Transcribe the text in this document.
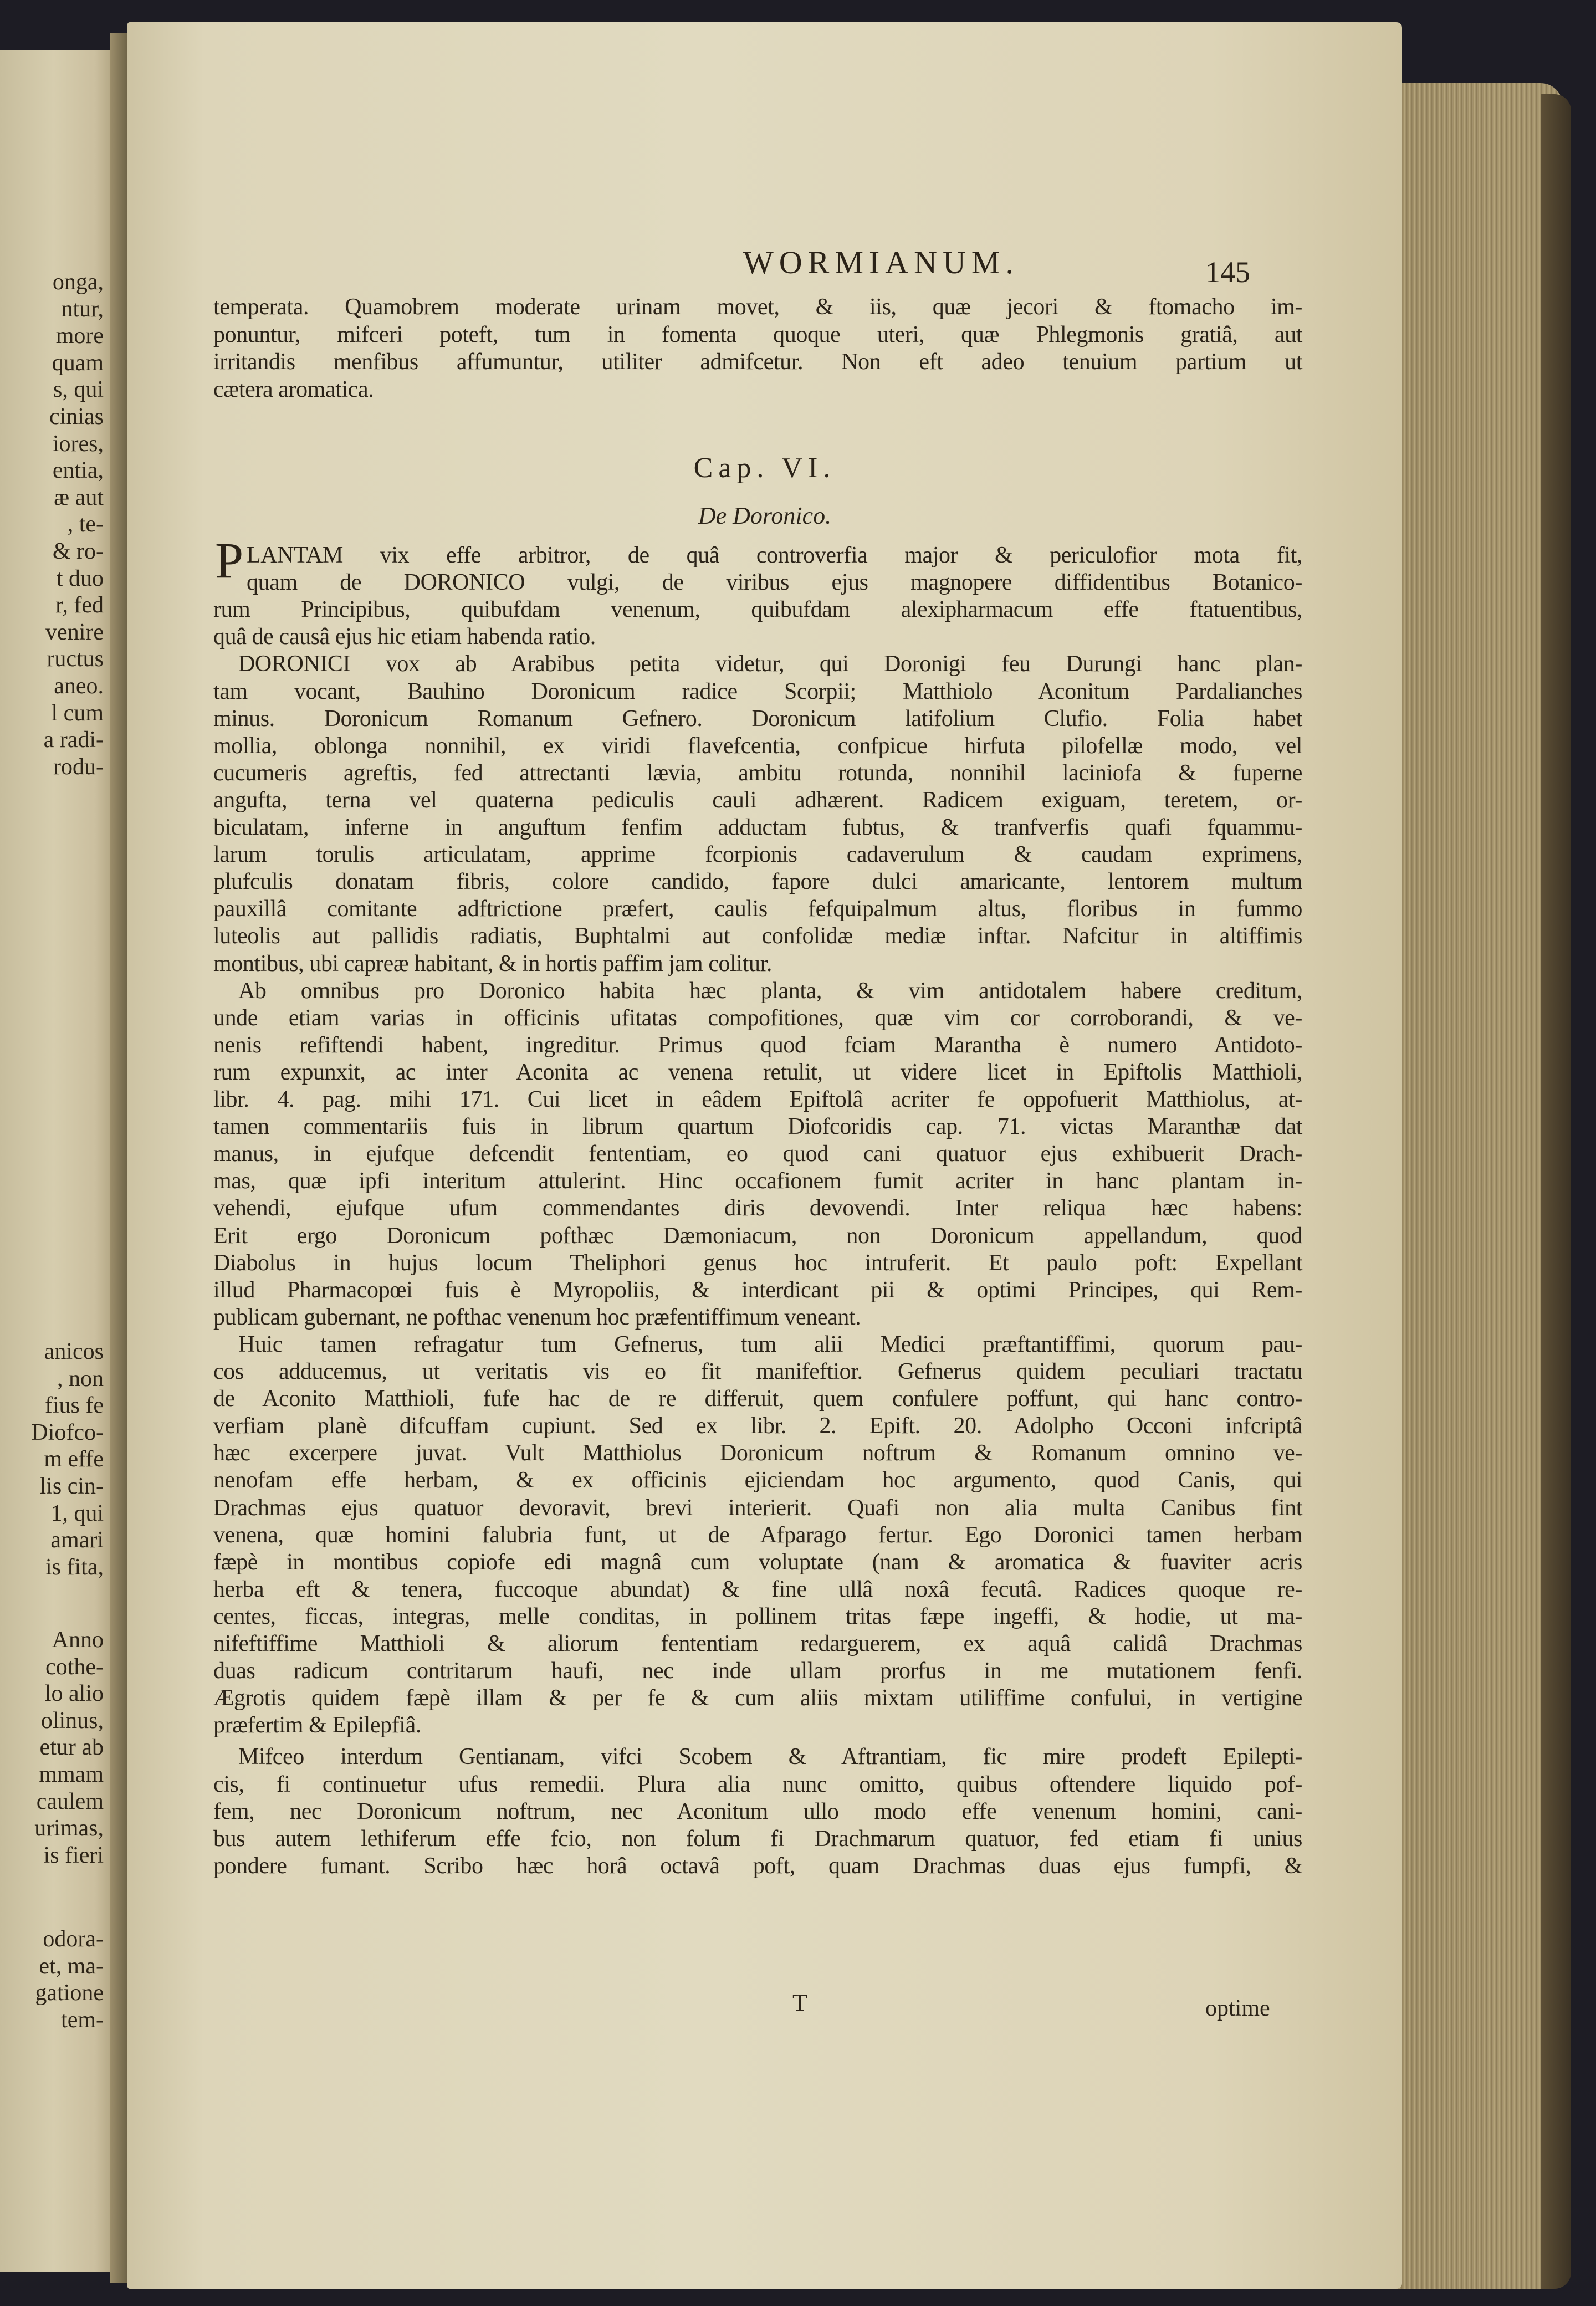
onga,
ntur,
more
quam
s, qui
cinias
iores,
entia,
æ aut
, te-
& ro-
t duo
r, fed
venire
ructus
aneo.
l cum
a radi-
rodu-
anicos
, non
fius fe
Diofco-
m effe
lis cin-
1, qui
amari
is fita,
Anno
cothe-
lo alio
olinus,
etur ab
mmam
caulem
urimas,
is fieri
odora-
et, ma-
gatione
tem-
WORMIANUM.	145
temperata. Quamobrem moderate urinam movet, & iis, quæ jecori & ftomacho im-
ponuntur, mifceri poteft, tum in fomenta quoque uteri, quæ Phlegmonis gratiâ, aut
irritandis menfibus affumuntur, utiliter admifcetur. Non eft adeo tenuium partium ut
cætera aromatica.
Cap. VI.
De Doronico.
P LANTAM vix effe arbitror, de quâ controverfia major & periculofior mota fit,
quam de DORONICO vulgi, de viribus ejus magnopere diffidentibus Botanico-
rum Principibus, quibufdam venenum, quibufdam alexipharmacum effe ftatuentibus,
quâ de causâ ejus hic etiam habenda ratio.
DORONICI vox ab Arabibus petita videtur, qui Doronigi feu Durungi hanc plan-
tam vocant, Bauhino Doronicum radice Scorpii; Matthiolo Aconitum Pardalianches
minus. Doronicum Romanum Gefnero. Doronicum latifolium Clufio. Folia habet
mollia, oblonga nonnihil, ex viridi flavefcentia, confpicue hirfuta pilofellæ modo, vel
cucumeris agreftis, fed attrectanti lævia, ambitu rotunda, nonnihil laciniofa & fuperne
angufta, terna vel quaterna pediculis cauli adhærent. Radicem exiguam, teretem, or-
biculatam, inferne in anguftum fenfim adductam fubtus, & tranfverfis quafi fquammu-
larum torulis articulatam, apprime fcorpionis cadaverulum & caudam exprimens,
plufculis donatam fibris, colore candido, fapore dulci amaricante, lentorem multum
pauxillâ comitante adftrictione præfert, caulis fefquipalmum altus, floribus in fummo
luteolis aut pallidis radiatis, Buphtalmi aut confolidæ mediæ inftar. Nafcitur in altiffimis
montibus, ubi capreæ habitant, & in hortis paffim jam colitur.
Ab omnibus pro Doronico habita hæc planta, & vim antidotalem habere creditum,
unde etiam varias in officinis ufitatas compofitiones, quæ vim cor corroborandi, & ve-
nenis refiftendi habent, ingreditur. Primus quod fciam Marantha è numero Antidoto-
rum expunxit, ac inter Aconita ac venena retulit, ut videre licet in Epiftolis Matthioli,
libr. 4. pag. mihi 171. Cui licet in eâdem Epiftolâ acriter fe oppofuerit Matthiolus, at-
tamen commentariis fuis in librum quartum Diofcoridis cap. 71. victas Maranthæ dat
manus, in ejufque defcendit fententiam, eo quod cani quatuor ejus exhibuerit Drach-
mas, quæ ipfi interitum attulerint. Hinc occafionem fumit acriter in hanc plantam in-
vehendi, ejufque ufum commendantes diris devovendi. Inter reliqua hæc habens:
Erit ergo Doronicum pofthæc Dæmoniacum, non Doronicum appellandum, quod
Diabolus in hujus locum Theliphori genus hoc intruferit. Et paulo poft: Expellant
illud Pharmacopœi fuis è Myropoliis, & interdicant pii & optimi Principes, qui Rem-
publicam gubernant, ne pofthac venenum hoc præfentiffimum veneant.
Huic tamen refragatur tum Gefnerus, tum alii Medici præftantiffimi, quorum pau-
cos adducemus, ut veritatis vis eo fit manifeftior. Gefnerus quidem peculiari tractatu
de Aconito Matthioli, fufe hac de re differuit, quem confulere poffunt, qui hanc contro-
verfiam planè difcuffam cupiunt. Sed ex libr. 2. Epift. 20. Adolpho Occoni infcriptâ
hæc excerpere juvat. Vult Matthiolus Doronicum noftrum & Romanum omnino ve-
nenofam effe herbam, & ex officinis ejiciendam hoc argumento, quod Canis, qui
Drachmas ejus quatuor devoravit, brevi interierit. Quafi non alia multa Canibus fint
venena, quæ homini falubria funt, ut de Afparago fertur. Ego Doronici tamen herbam
fæpè in montibus copiofe edi magnâ cum voluptate (nam & aromatica & fuaviter acris
herba eft & tenera, fuccoque abundat) & fine ullâ noxâ fecutâ. Radices quoque re-
centes, ficcas, integras, melle conditas, in pollinem tritas fæpe ingeffi, & hodie, ut ma-
nifeftiffime Matthioli & aliorum fententiam redarguerem, ex aquâ calidâ Drachmas
duas radicum contritarum haufi, nec inde ullam prorfus in me mutationem fenfi.
Ægrotis quidem fæpè illam & per fe & cum aliis mixtam utiliffime confului, in vertigine
præfertim & Epilepfiâ.
Mifceo interdum Gentianam, vifci Scobem & Aftrantiam, fic mire prodeft Epilepti-
cis, fi continuetur ufus remedii. Plura alia nunc omitto, quibus oftendere liquido pof-
fem, nec Doronicum noftrum, nec Aconitum ullo modo effe venenum homini, cani-
bus autem lethiferum effe fcio, non folum fi Drachmarum quatuor, fed etiam fi unius
pondere fumant. Scribo hæc horâ octavâ poft, quam Drachmas duas ejus fumpfi, &
T	optime
